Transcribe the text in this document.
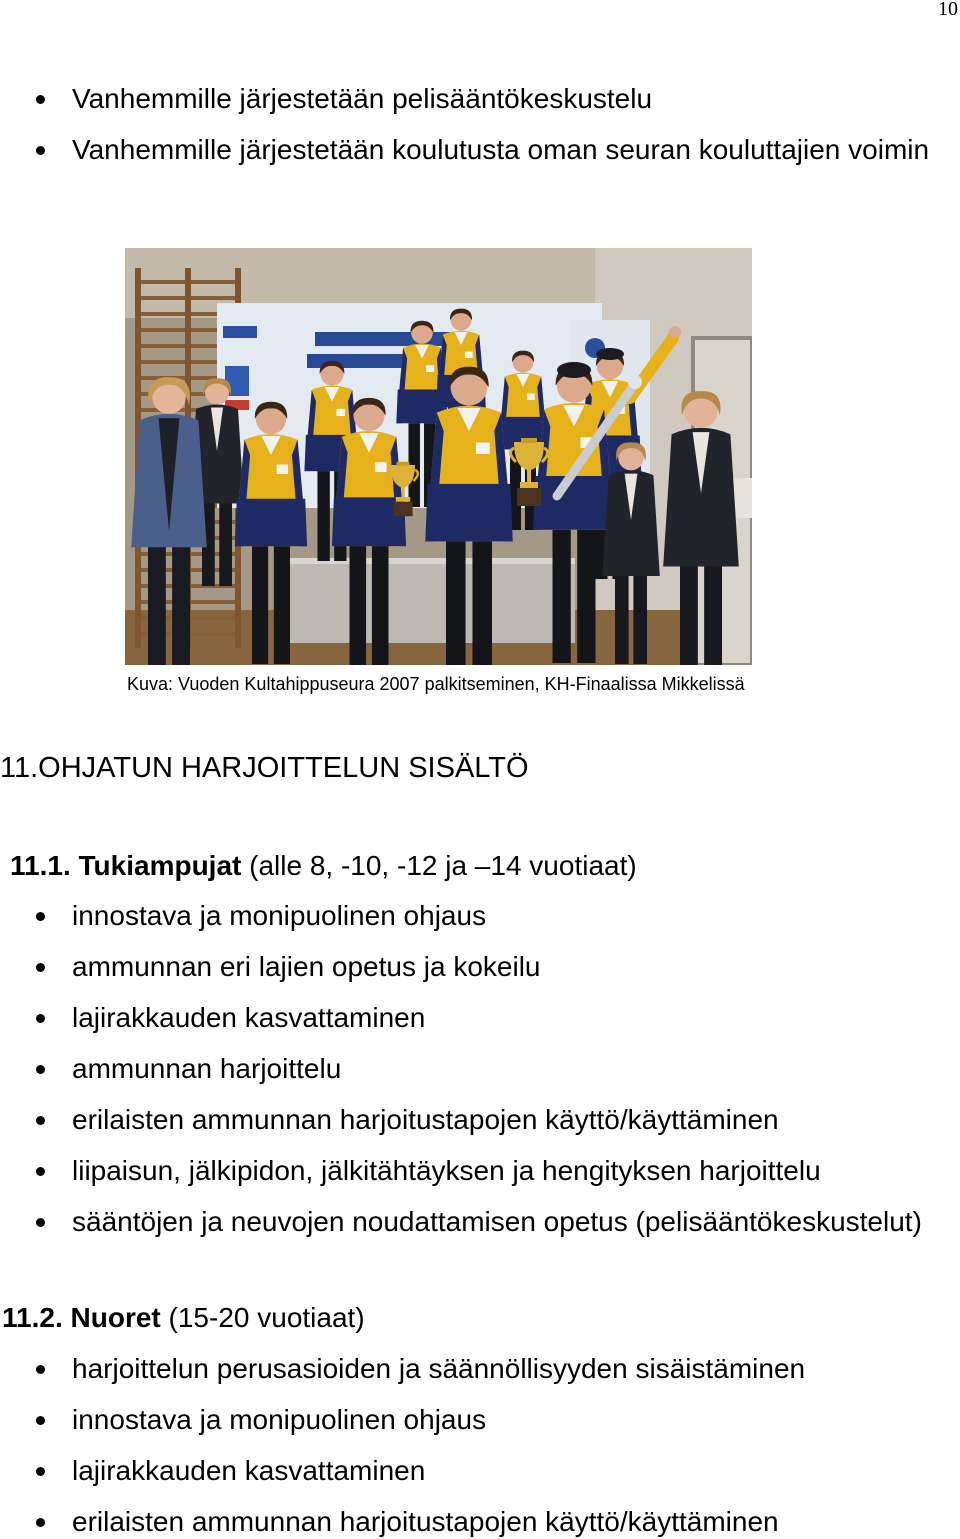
10
Vanhemmille järjestetään pelisääntökeskustelu
Vanhemmille järjestetään koulutusta oman seuran kouluttajien voimin
Kuva: Vuoden Kultahippuseura 2007 palkitseminen, KH-Finaalissa Mikkelissä
11.OHJATUN HARJOITTELUN SISÄLTÖ
11.1. Tukiampujat (alle 8, -10, -12 ja –14 vuotiaat)
innostava ja monipuolinen ohjaus
ammunnan eri lajien opetus ja kokeilu
lajirakkauden kasvattaminen
ammunnan harjoittelu
erilaisten ammunnan harjoitustapojen käyttö/käyttäminen
liipaisun, jälkipidon, jälkitähtäyksen ja hengityksen harjoittelu
sääntöjen ja neuvojen noudattamisen opetus (pelisääntökeskustelut)
11.2. Nuoret (15-20 vuotiaat)
harjoittelun perusasioiden ja säännöllisyyden sisäistäminen
innostava ja monipuolinen ohjaus
lajirakkauden kasvattaminen
erilaisten ammunnan harjoitustapojen käyttö/käyttäminen
